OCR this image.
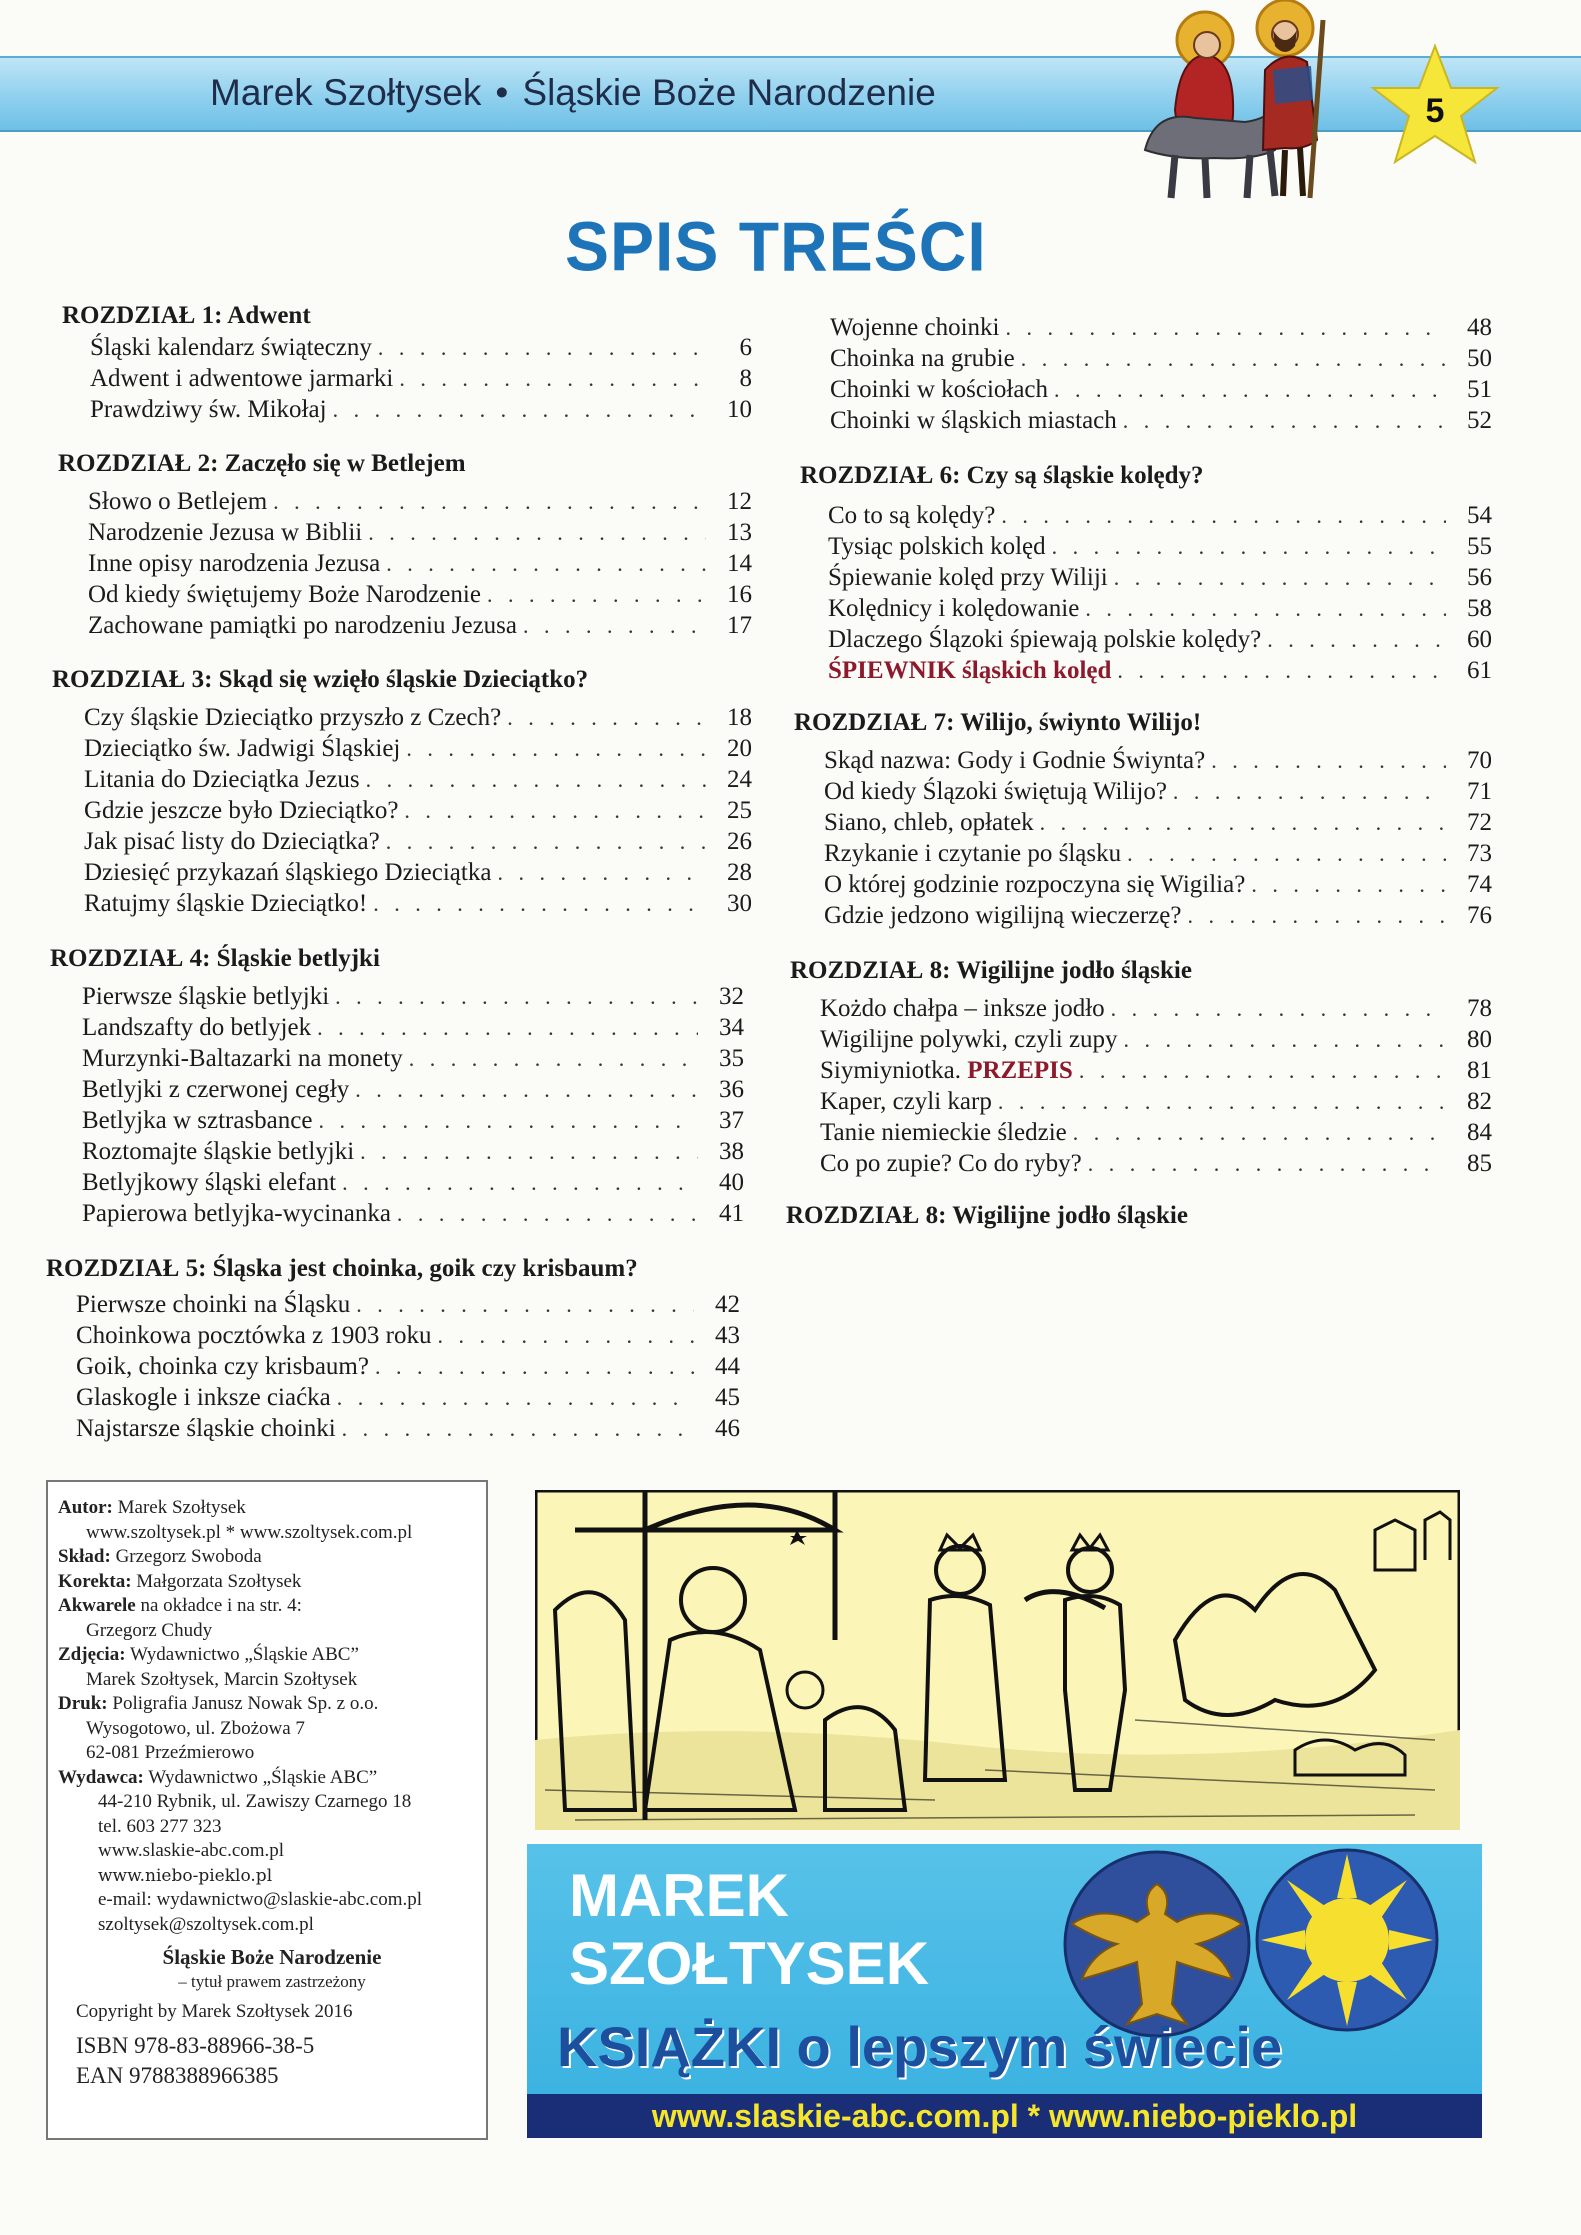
Marek Szołtysek • Śląskie Boże Narodzenie	5
SPIS TREŚCI
ROZDZIAŁ 1: Adwent
Śląski kalendarz świąteczny . . .	6
Adwent i adwentowe jarmarki . . .	8
Prawdziwy św. Mikołaj . . .	10
ROZDZIAŁ 2: Zaczęło się w Betlejem
Słowo o Betlejem . . .	12
Narodzenie Jezusa w Biblii . . .	13
Inne opisy narodzenia Jezusa . . .	14
Od kiedy świętujemy Boże Narodzenie . . .	16
Zachowane pamiątki po narodzeniu Jezusa . . .	17
ROZDZIAŁ 3: Skąd się wzięło śląskie Dzieciątko?
Czy śląskie Dzieciątko przyszło z Czech? . . .	18
Dzieciątko św. Jadwigi Śląskiej . . .	20
Litania do Dzieciątka Jezus . . .	24
Gdzie jeszcze było Dzieciątko? . . .	25
Jak pisać listy do Dzieciątka? . . .	26
Dziesięć przykazań śląskiego Dzieciątka . . .	28
Ratujmy śląskie Dzieciątko! . . .	30
ROZDZIAŁ 4: Śląskie betlyjki
Pierwsze śląskie betlyjki . . .	32
Landszafty do betlyjek . . .	34
Murzynki-Baltazarki na monety . . .	35
Betlyjki z czerwonej cegły . . .	36
Betlyjka w sztrasbance . . .	37
Roztomajte śląskie betlyjki . . .	38
Betlyjkowy śląski elefant . . .	40
Papierowa betlyjka-wycinanka . . .	41
ROZDZIAŁ 5: Śląska jest choinka, goik czy krisbaum?
Pierwsze choinki na Śląsku . . .	42
Choinkowa pocztówka z 1903 roku . . .	43
Goik, choinka czy krisbaum? . . .	44
Glaskogle i inksze ciaćka . . .	45
Najstarsze śląskie choinki . . .	46
Wojenne choinki . . .	48
Choinka na grubie . . .	50
Choinki w kościołach . . .	51
Choinki w śląskich miastach . . .	52
ROZDZIAŁ 6: Czy są śląskie kolędy?
Co to są kolędy? . . .	54
Tysiąc polskich kolęd . . .	55
Śpiewanie kolęd przy Wiliji . . .	56
Kolędnicy i kolędowanie . . .	58
Dlaczego Ślązoki śpiewają polskie kolędy? . . .	60
ŚPIEWNIK śląskich kolęd . . .	61
ROZDZIAŁ 7: Wilijo, świynto Wilijo!
Skąd nazwa: Gody i Godnie Świynta? . . .	70
Od kiedy Ślązoki świętują Wilijo? . . .	71
Siano, chleb, opłatek . . .	72
Rzykanie i czytanie po śląsku . . .	73
O której godzinie rozpoczyna się Wigilia? . . .	74
Gdzie jedzono wigilijną wieczerzę? . . .	76
ROZDZIAŁ 8: Wigilijne jodło śląskie
Kożdo chałpa – inksze jodło . . .	78
Wigilijne polywki, czyli zupy . . .	80
Siymiyniotka. PRZEPIS . . .	81
Kaper, czyli karp . . .	82
Tanie niemieckie śledzie . . .	84
Co po zupie? Co do ryby? . . .	85
ROZDZIAŁ 8: Wigilijne jodło śląskie
Autor: Marek Szołtysek
www.szoltysek.pl * www.szoltysek.com.pl
Skład: Grzegorz Swoboda
Korekta: Małgorzata Szołtysek
Akwarele na okładce i na str. 4:
Grzegorz Chudy
Zdjęcia: Wydawnictwo „Śląskie ABC”
Marek Szołtysek, Marcin Szołtysek
Druk: Poligrafia Janusz Nowak Sp. z o.o.
Wysogotowo, ul. Zbożowa 7
62-081 Przeźmierowo
Wydawca: Wydawnictwo „Śląskie ABC”
44-210 Rybnik, ul. Zawiszy Czarnego 18
tel. 603 277 323
www.slaskie-abc.com.pl
www.niebo-pieklo.pl
e-mail: wydawnictwo@slaskie-abc.com.pl
szoltysek@szoltysek.com.pl
Śląskie Boże Narodzenie
– tytuł prawem zastrzeżony
Copyright by Marek Szołtysek 2016
ISBN 978-83-88966-38-5
EAN 9788388966385
MAREK
SZOŁTYSEK
KSIĄŻKI o lepszym świecie
www.slaskie-abc.com.pl * www.niebo-pieklo.pl
